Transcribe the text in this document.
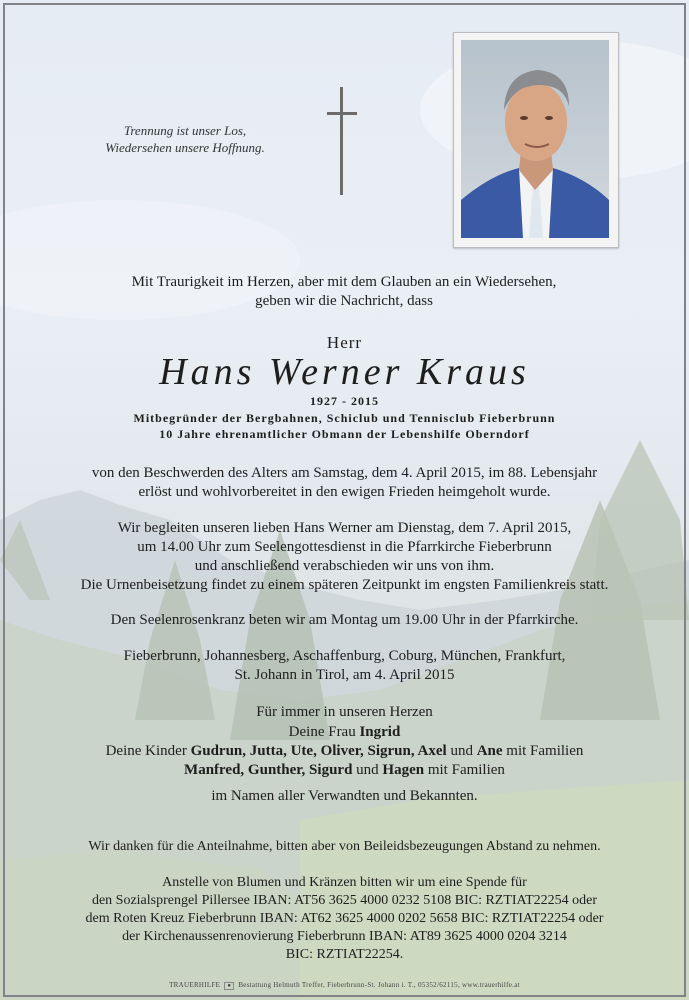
Trennung ist unser Los,
Wiedersehen unsere Hoffnung.
Mit Traurigkeit im Herzen, aber mit dem Glauben an ein Wiedersehen,
geben wir die Nachricht, dass
Herr
Hans Werner Kraus
1927 - 2015
Mitbegründer der Bergbahnen, Schiclub und Tennisclub Fieberbrunn
10 Jahre ehrenamtlicher Obmann der Lebenshilfe Oberndorf
von den Beschwerden des Alters am Samstag, dem 4. April 2015, im 88. Lebensjahr
erlöst und wohlvorbereitet in den ewigen Frieden heimgeholt wurde.
Wir begleiten unseren lieben Hans Werner am Dienstag, dem 7. April 2015,
um 14.00 Uhr zum Seelengottesdienst in die Pfarrkirche Fieberbrunn
und anschließend verabschieden wir uns von ihm.
Die Urnenbeisetzung findet zu einem späteren Zeitpunkt im engsten Familienkreis statt.
Den Seelenrosenkranz beten wir am Montag um 19.00 Uhr in der Pfarrkirche.
Fieberbrunn, Johannesberg, Aschaffenburg, Coburg, München, Frankfurt,
St. Johann in Tirol, am 4. April 2015
Für immer in unseren Herzen
Deine Frau Ingrid
Deine Kinder Gudrun, Jutta, Ute, Oliver, Sigrun, Axel und Ane mit Familien
Manfred, Gunther, Sigurd und Hagen mit Familien
im Namen aller Verwandten und Bekannten.
Wir danken für die Anteilnahme, bitten aber von Beileidsbezeugungen Abstand zu nehmen.
Anstelle von Blumen und Kränzen bitten wir um eine Spende für
den Sozialsprengel Pillersee IBAN: AT56 3625 4000 0232 5108 BIC: RZTIAT22254 oder
dem Roten Kreuz Fieberbrunn IBAN: AT62 3625 4000 0202 5658 BIC: RZTIAT22254 oder
der Kirchenaussenrenovierung Fieberbrunn IBAN: AT89 3625 4000 0204 3214
BIC: RZTIAT22254.
TRAUERHILFE ● Bestattung Helmuth Treffer, Fieberbrunn-St. Johann i. T., 05352/62115, www.trauerhilfe.at
